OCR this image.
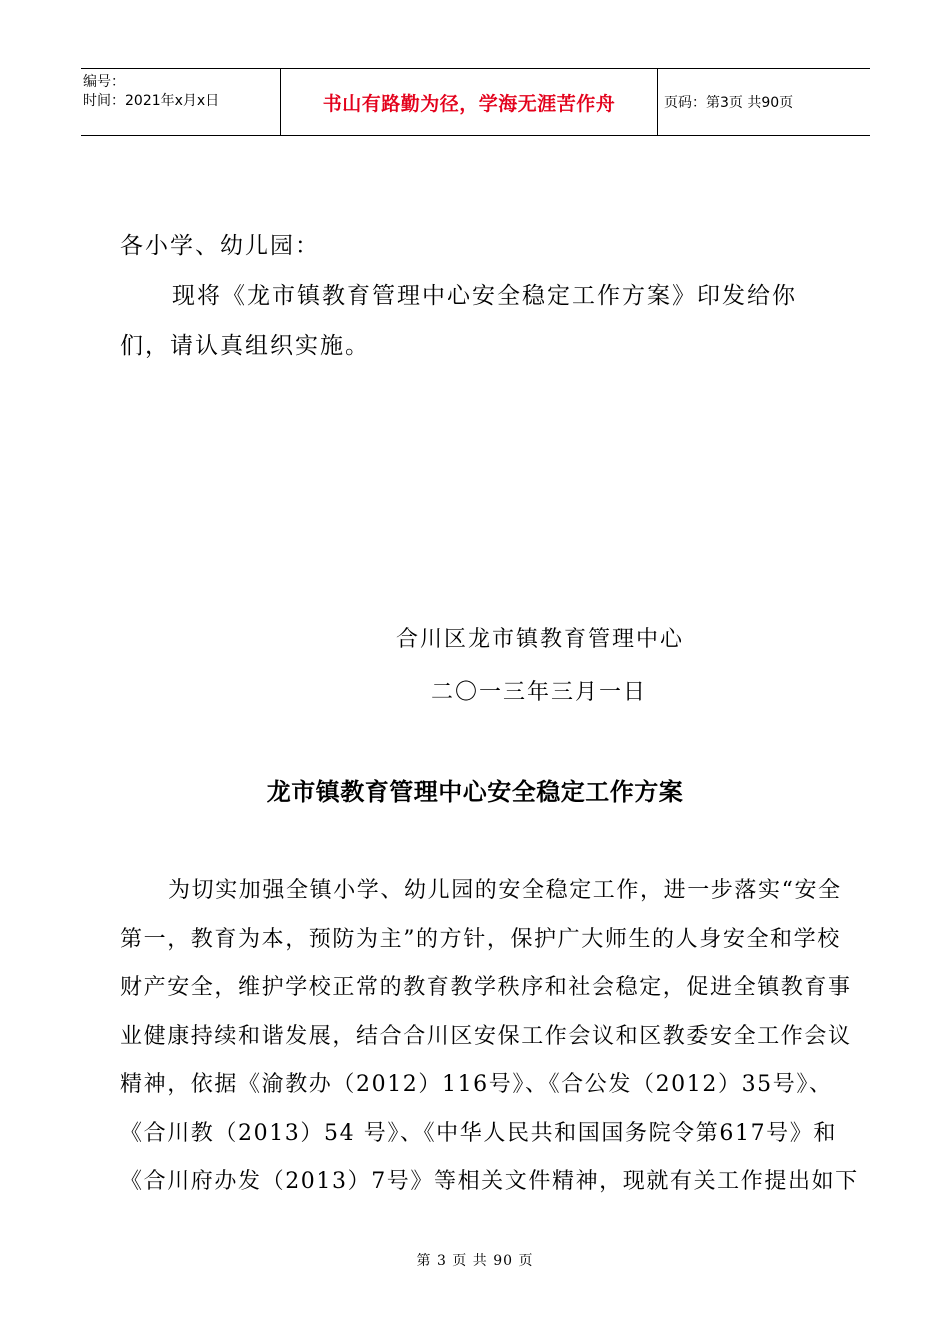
编号：
时间：2021年x月x日	书山有路勤为径，学海无涯苦作舟	页码：第3页 共90页
各小学、幼儿园：
现将《龙市镇教育管理中心安全稳定工作方案》印发给你
们，请认真组织实施。
合川区龙市镇教育管理中心
二〇一三年三月一日
龙市镇教育管理中心安全稳定工作方案
为切实加强全镇小学、幼儿园的安全稳定工作，进一步落实“安全
第一，教育为本，预防为主”的方针，保护广大师生的人身安全和学校
财产安全，维护学校正常的教育教学秩序和社会稳定，促进全镇教育事
业健康持续和谐发展，结合合川区安保工作会议和区教委安全工作会议
精神，依据《渝教办（2012）116号》、《合公发（2012）35号》、
《合川教（2013）54 号》、《中华人民共和国国务院令第617号》和
《合川府办发（2013）7号》等相关文件精神，现就有关工作提出如下
第 3 页 共 90 页
